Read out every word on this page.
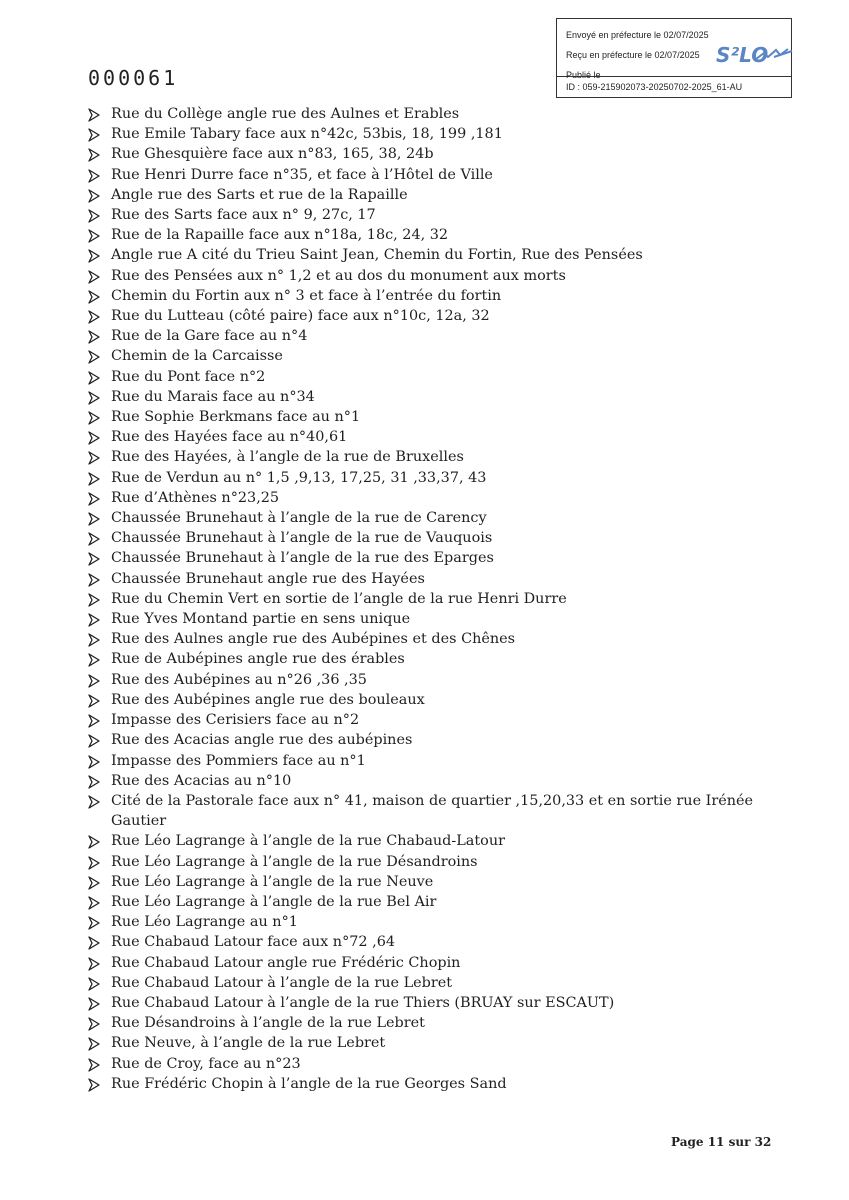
Envoyé en préfecture le 02/07/2025
Reçu en préfecture le 02/07/2025
Publié le
ID : 059-215902073-20250702-2025_61-AU
S²LO
000061
Rue du Collège angle rue des Aulnes et Erables
Rue Emile Tabary face aux n°42c, 53bis, 18, 199 ,181
Rue Ghesquière face aux n°83, 165, 38, 24b
Rue Henri Durre face n°35, et face à l’Hôtel de Ville
Angle rue des Sarts et rue de la Rapaille
Rue des Sarts face aux n° 9, 27c, 17
Rue de la Rapaille face aux n°18a, 18c, 24, 32
Angle rue A cité du Trieu Saint Jean, Chemin du Fortin, Rue des Pensées
Rue des Pensées aux n° 1,2 et au dos du monument aux morts
Chemin du Fortin aux n° 3 et face à l’entrée du fortin
Rue du Lutteau (côté paire) face aux n°10c, 12a, 32
Rue de la Gare face au n°4
Chemin de la Carcaisse
Rue du Pont face n°2
Rue du Marais face au n°34
Rue Sophie Berkmans face au n°1
Rue des Hayées face au n°40,61
Rue des Hayées, à l’angle de la rue de Bruxelles
Rue de Verdun au n° 1,5 ,9,13, 17,25, 31 ,33,37, 43
Rue d’Athènes n°23,25
Chaussée Brunehaut à l’angle de la rue de Carency
Chaussée Brunehaut à l’angle de la rue de Vauquois
Chaussée Brunehaut à l’angle de la rue des Eparges
Chaussée Brunehaut angle rue des Hayées
Rue du Chemin Vert en sortie de l’angle de la rue Henri Durre
Rue Yves Montand partie en sens unique
Rue des Aulnes angle rue des Aubépines et des Chênes
Rue de Aubépines angle rue des érables
Rue des Aubépines au n°26 ,36 ,35
Rue des Aubépines angle rue des bouleaux
Impasse des Cerisiers face au n°2
Rue des Acacias angle rue des aubépines
Impasse des Pommiers face au n°1
Rue des Acacias au n°10
Cité de la Pastorale face aux n° 41, maison de quartier ,15,20,33 et en sortie rue Irénée Gautier
Rue Léo Lagrange à l’angle de la rue Chabaud-Latour
Rue Léo Lagrange à l’angle de la rue Désandroins
Rue Léo Lagrange à l’angle de la rue Neuve
Rue Léo Lagrange à l’angle de la rue Bel Air
Rue Léo Lagrange au n°1
Rue Chabaud Latour face aux n°72 ,64
Rue Chabaud Latour angle rue Frédéric Chopin
Rue Chabaud Latour à l’angle de la rue Lebret
Rue Chabaud Latour à l’angle de la rue Thiers (BRUAY sur ESCAUT)
Rue Désandroins à l’angle de la rue Lebret
Rue Neuve, à l’angle de la rue Lebret
Rue de Croy, face au n°23
Rue Frédéric Chopin à l’angle de la rue Georges Sand
Page 11 sur 32
